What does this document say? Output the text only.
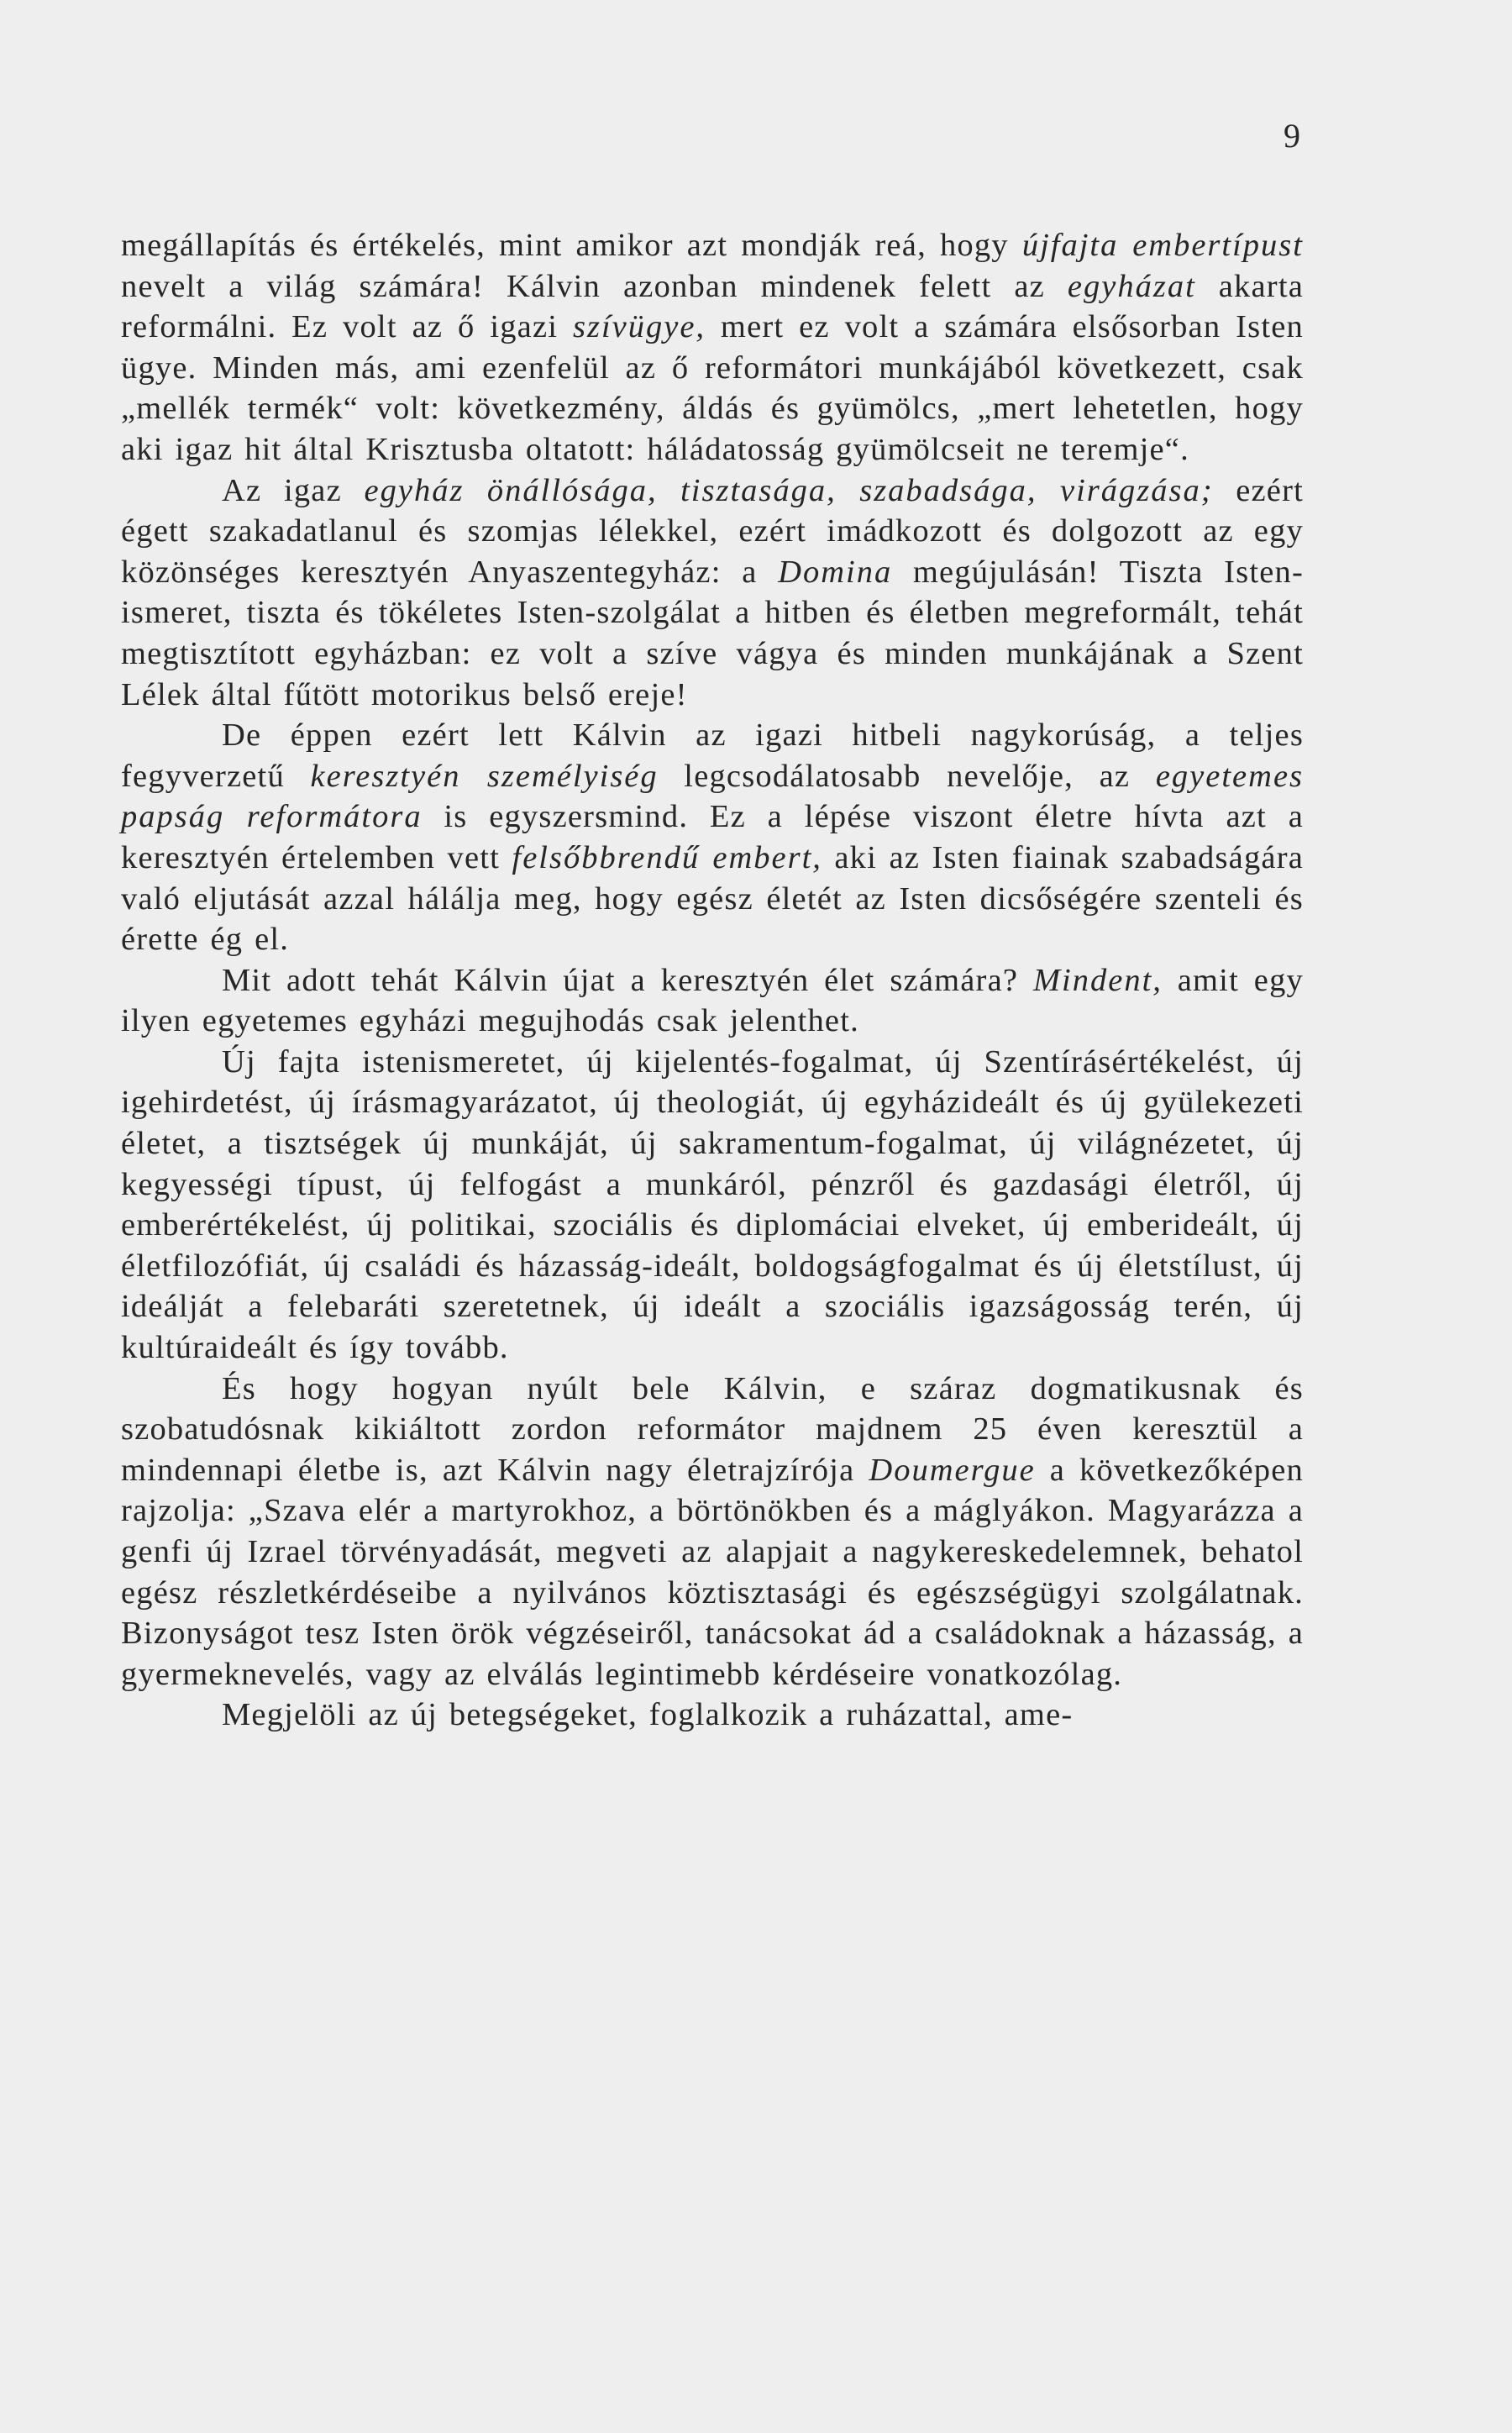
9

megállapítás és értékelés, mint amikor azt mondják reá, hogy újfajta embertípust nevelt a világ számára! Kálvin azonban mindenek felett az egyházat akarta reformálni. Ez volt az ő igazi szívügye, mert ez volt a számára elsősorban Isten ügye. Minden más, ami ezenfelül az ő reformátori munkájából következett, csak „mellék termék“ volt: következmény, áldás és gyümölcs, „mert lehetetlen, hogy aki igaz hit által Krisztusba oltatott: háládatosság gyümölcseit ne teremje“.

Az igaz egyház önállósága, tisztasága, szabadsága, virágzása; ezért égett szakadatlanul és szomjas lélekkel, ezért imádkozott és dolgozott az egy közönséges keresztyén Anyaszentegyház: a Domina megújulásán! Tiszta Isten-ismeret, tiszta és tökéletes Isten-szolgálat a hitben és életben megreformált, tehát megtisztított egyházban: ez volt a szíve vágya és minden munkájának a Szent Lélek által fűtött motorikus belső ereje!

De éppen ezért lett Kálvin az igazi hitbeli nagykorúság, a teljes fegyverzetű keresztyén személyiség legcsodálatosabb nevelője, az egyetemes papság reformátora is egyszersmind. Ez a lépése viszont életre hívta azt a keresztyén értelemben vett felsőbbrendű embert, aki az Isten fiainak szabadságára való eljutását azzal hálálja meg, hogy egész életét az Isten dicsőségére szenteli és érette ég el.

Mit adott tehát Kálvin újat a keresztyén élet számára? Mindent, amit egy ilyen egyetemes egyházi megujhodás csak jelenthet.

Új fajta istenismeretet, új kijelentés-fogalmat, új Szentírásértékelést, új igehirdetést, új írásmagyarázatot, új theologiát, új egyházideált és új gyülekezeti életet, a tisztségek új munkáját, új sakramentum-fogalmat, új világnézetet, új kegyességi típust, új felfogást a munkáról, pénzről és gazdasági életről, új emberértékelést, új politikai, szociális és diplomáciai elveket, új emberideált, új életfilozófiát, új családi és házasság-ideált, boldogságfogalmat és új életstílust, új ideálját a felebaráti szeretetnek, új ideált a szociális igazságosság terén, új kultúraideált és így tovább.

És hogy hogyan nyúlt bele Kálvin, e száraz dogmatikusnak és szobatudósnak kikiáltott zordon reformátor majdnem 25 éven keresztül a mindennapi életbe is, azt Kálvin nagy életrajzírója Doumergue a következőképen rajzolja: „Szava elér a martyrokhoz, a börtönökben és a máglyákon. Magyarázza a genfi új Izrael törvényadását, megveti az alapjait a nagykereskedelemnek, behatol egész részletkérdéseibe a nyilvános köztisztasági és egészségügyi szolgálatnak. Bizonyságot tesz Isten örök végzéseiről, tanácsokat ád a családoknak a házasság, a gyermeknevelés, vagy az elválás legintimebb kérdéseire vonatkozólag.

Megjelöli az új betegségeket, foglalkozik a ruházattal, ame-
